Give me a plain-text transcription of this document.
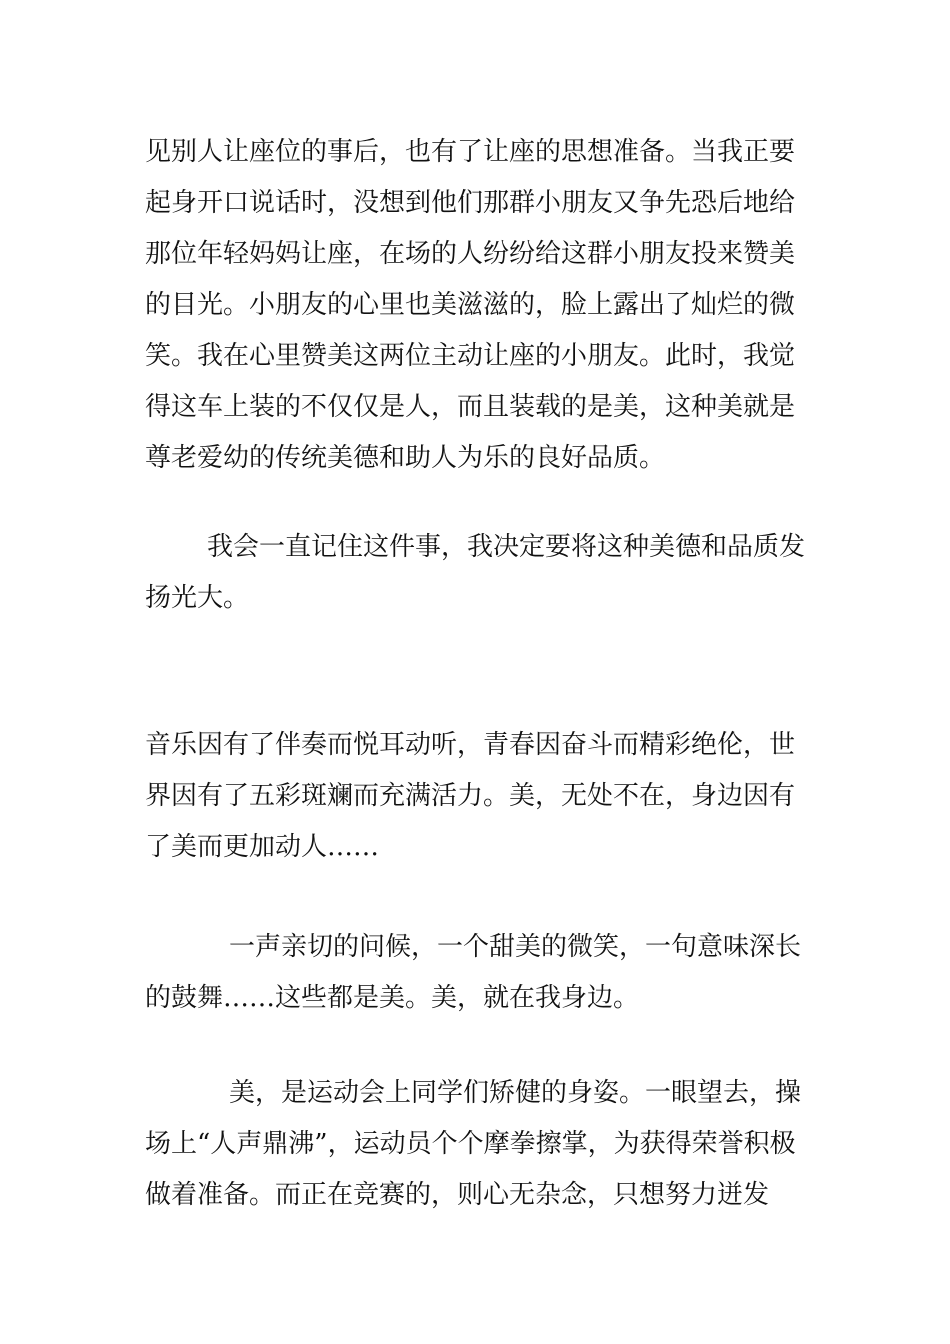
见别人让座位的事后，也有了让座的思想准备。当我正要起身开口说话时，没想到他们那群小朋友又争先恐后地给那位年轻妈妈让座，在场的人纷纷给这群小朋友投来赞美的目光。小朋友的心里也美滋滋的，脸上露出了灿烂的微笑。我在心里赞美这两位主动让座的小朋友。此时，我觉得这车上装的不仅仅是人，而且装载的是美，这种美就是尊老爱幼的传统美德和助人为乐的良好品质。

我会一直记住这件事，我决定要将这种美德和品质发扬光大。

音乐因有了伴奏而悦耳动听，青春因奋斗而精彩绝伦，世界因有了五彩斑斓而充满活力。美，无处不在，身边因有了美而更加动人……

一声亲切的问候，一个甜美的微笑，一句意味深长的鼓舞……这些都是美。美，就在我身边。

美，是运动会上同学们矫健的身姿。一眼望去，操场上“人声鼎沸”，运动员个个摩拳擦掌，为获得荣誉积极做着准备。而正在竞赛的，则心无杂念，只想努力迸发
